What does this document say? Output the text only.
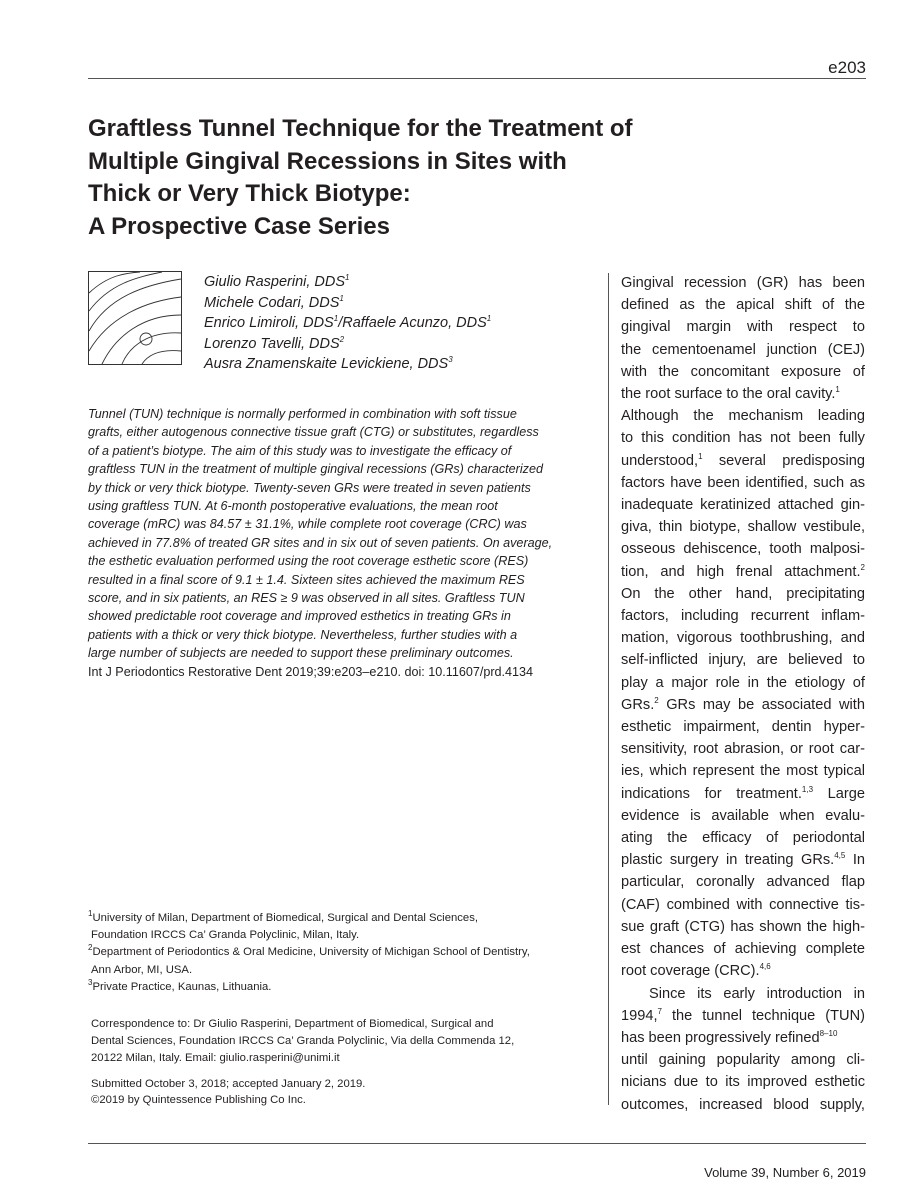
e203
Graftless Tunnel Technique for the Treatment of
Multiple Gingival Recessions in Sites with
Thick or Very Thick Biotype:
A Prospective Case Series
Giulio Rasperini, DDS$^1$
Michele Codari, DDS$^1$
Enrico Limiroli, DDS$^1$/Raffaele Acunzo, DDS$^1$
Lorenzo Tavelli, DDS$^2$
Ausra Znamenskaite Levickiene, DDS$^3$
Tunnel (TUN) technique is normally performed in combination with soft tissue
grafts, either autogenous connective tissue graft (CTG) or substitutes, regardless
of a patient’s biotype. The aim of this study was to investigate the efficacy of
graftless TUN in the treatment of multiple gingival recessions (GRs) characterized
by thick or very thick biotype. Twenty-seven GRs were treated in seven patients
using graftless TUN. At 6-month postoperative evaluations, the mean root
coverage (mRC) was 84.57 ± 31.1%, while complete root coverage (CRC) was
achieved in 77.8% of treated GR sites and in six out of seven patients. On average,
the esthetic evaluation performed using the root coverage esthetic score (RES)
resulted in a final score of 9.1 ± 1.4. Sixteen sites achieved the maximum RES
score, and in six patients, an RES ≥ 9 was observed in all sites. Graftless TUN
showed predictable root coverage and improved esthetics in treating GRs in
patients with a thick or very thick biotype. Nevertheless, further studies with a
large number of subjects are needed to support these preliminary outcomes.
Int J Periodontics Restorative Dent 2019;39:e203–e210. doi: 10.11607/prd.4134
$^1$University of Milan, Department of Biomedical, Surgical and Dental Sciences,
Foundation IRCCS Ca’ Granda Polyclinic, Milan, Italy.
$^2$Department of Periodontics & Oral Medicine, University of Michigan School of Dentistry,
Ann Arbor, MI, USA.
$^3$Private Practice, Kaunas, Lithuania.
Correspondence to: Dr Giulio Rasperini, Department of Biomedical, Surgical and
Dental Sciences, Foundation IRCCS Ca’ Granda Polyclinic, Via della Commenda 12,
20122 Milan, Italy. Email: giulio.rasperini@unimi.it
Submitted October 3, 2018; accepted January 2, 2019.
©2019 by Quintessence Publishing Co Inc.
Gingival recession (GR) has been
defined as the apical shift of the
gingival margin with respect to
the cementoenamel junction (CEJ)
with the concomitant exposure of
the root surface to the oral cavity.$^1$
Although the mechanism leading
to this condition has not been fully
understood,$^1$ several predisposing
factors have been identified, such as
inadequate keratinized attached gin-
giva, thin biotype, shallow vestibule,
osseous dehiscence, tooth malposi-
tion, and high frenal attachment.$^2$
On the other hand, precipitating
factors, including recurrent inflam-
mation, vigorous toothbrushing, and
self-inflicted injury, are believed to
play a major role in the etiology of
GRs.$^2$ GRs may be associated with
esthetic impairment, dentin hyper-
sensitivity, root abrasion, or root car-
ies, which represent the most typical
indications for treatment.$^{1,3}$ Large
evidence is available when evalu-
ating the efficacy of periodontal
plastic surgery in treating GRs.$^{4,5}$ In
particular, coronally advanced flap
(CAF) combined with connective tis-
sue graft (CTG) has shown the high-
est chances of achieving complete
root coverage (CRC).$^{4,6}$
Since its early introduction in
1994,$^7$ the tunnel technique (TUN)
has been progressively refined$^{8-10}$
until gaining popularity among cli-
nicians due to its improved esthetic
outcomes, increased blood supply,
Volume 39, Number 6, 2019
